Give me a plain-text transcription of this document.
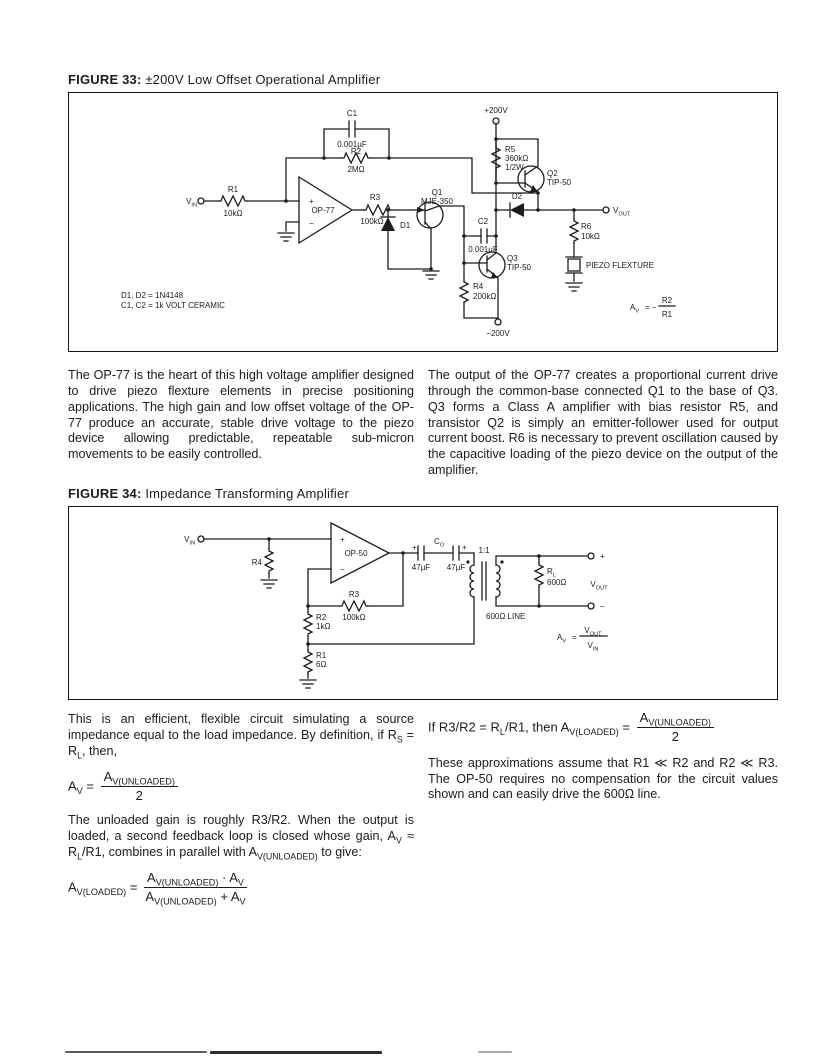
FIGURE 33: ±200V Low Offset Operational Amplifier
$V_{IN}$
R1
10kΩ
+
−
OP-77
C1
0.001µF
R2
2MΩ
R3
100kΩ D1
Q1
MJE-350
C2
0.001µF
Q3
TIP-50
R4
200kΩ
−200V
+200V
R5
360kΩ
1/2W
Q2
TIP-50
D2
$V_{OUT}$
R6
10kΩ
PIEZO FLEXTURE
D1, D2 = 1N4148
C1, C2 = 1k VOLT CERAMIC	$A_V$ = −
R2
R1

The OP-77 is the heart of this high voltage amplifier designed to drive piezo flexture elements in precise positioning applications. The high gain and low offset voltage of the OP-77 produce an accurate, stable drive voltage to the piezo device allowing predictable, repeatable sub-micron movements to be easily controlled.

The output of the OP-77 creates a proportional current drive through the common-base connected Q1 to the base of Q3. Q3 forms a Class A amplifier with bias resistor R5, and transistor Q2 is simply an emitter-follower used for output current boost. R6 is necessary to prevent oscillation caused by the capacitive loading of the piezo device on the output of the amplifier.

FIGURE 34: Impedance Transforming Amplifier
$V_{IN}$
R4
+
−
OP-50
+	+
$C_O$
47µF 47µF
1:1
R3
100kΩ
R2
1kΩ
R1
6Ω
$R_L$
600Ω
+
−
$V_{OUT}$
600Ω LINE
$A_V$ =
$V_{OUT}$
$V_{IN}$

This is an efficient, flexible circuit simulating a source impedance equal to the load impedance. By definition, if $R_S = R_L$, then,

$A_V = \frac{A_{V(UNLOADED)}}{2}$

The unloaded gain is roughly R3/R2. When the output is loaded, a second feedback loop is closed whose gain, $A_V \approx R_L/R1$, combines in parallel with $A_{V(UNLOADED)}$ to give:

$A_{V(LOADED)} = \frac{A_{V(UNLOADED)} \cdot A_V}{A_{V(UNLOADED)} + A_V}$
If $R3/R2 = R_L/R1$, then $A_{V(LOADED)} = \frac{A_{V(UNLOADED)}}{2}$

These approximations assume that R1 ≪ R2 and R2 ≪ R3. The OP-50 requires no compensation for the circuit values shown and can easily drive the 600Ω line.
